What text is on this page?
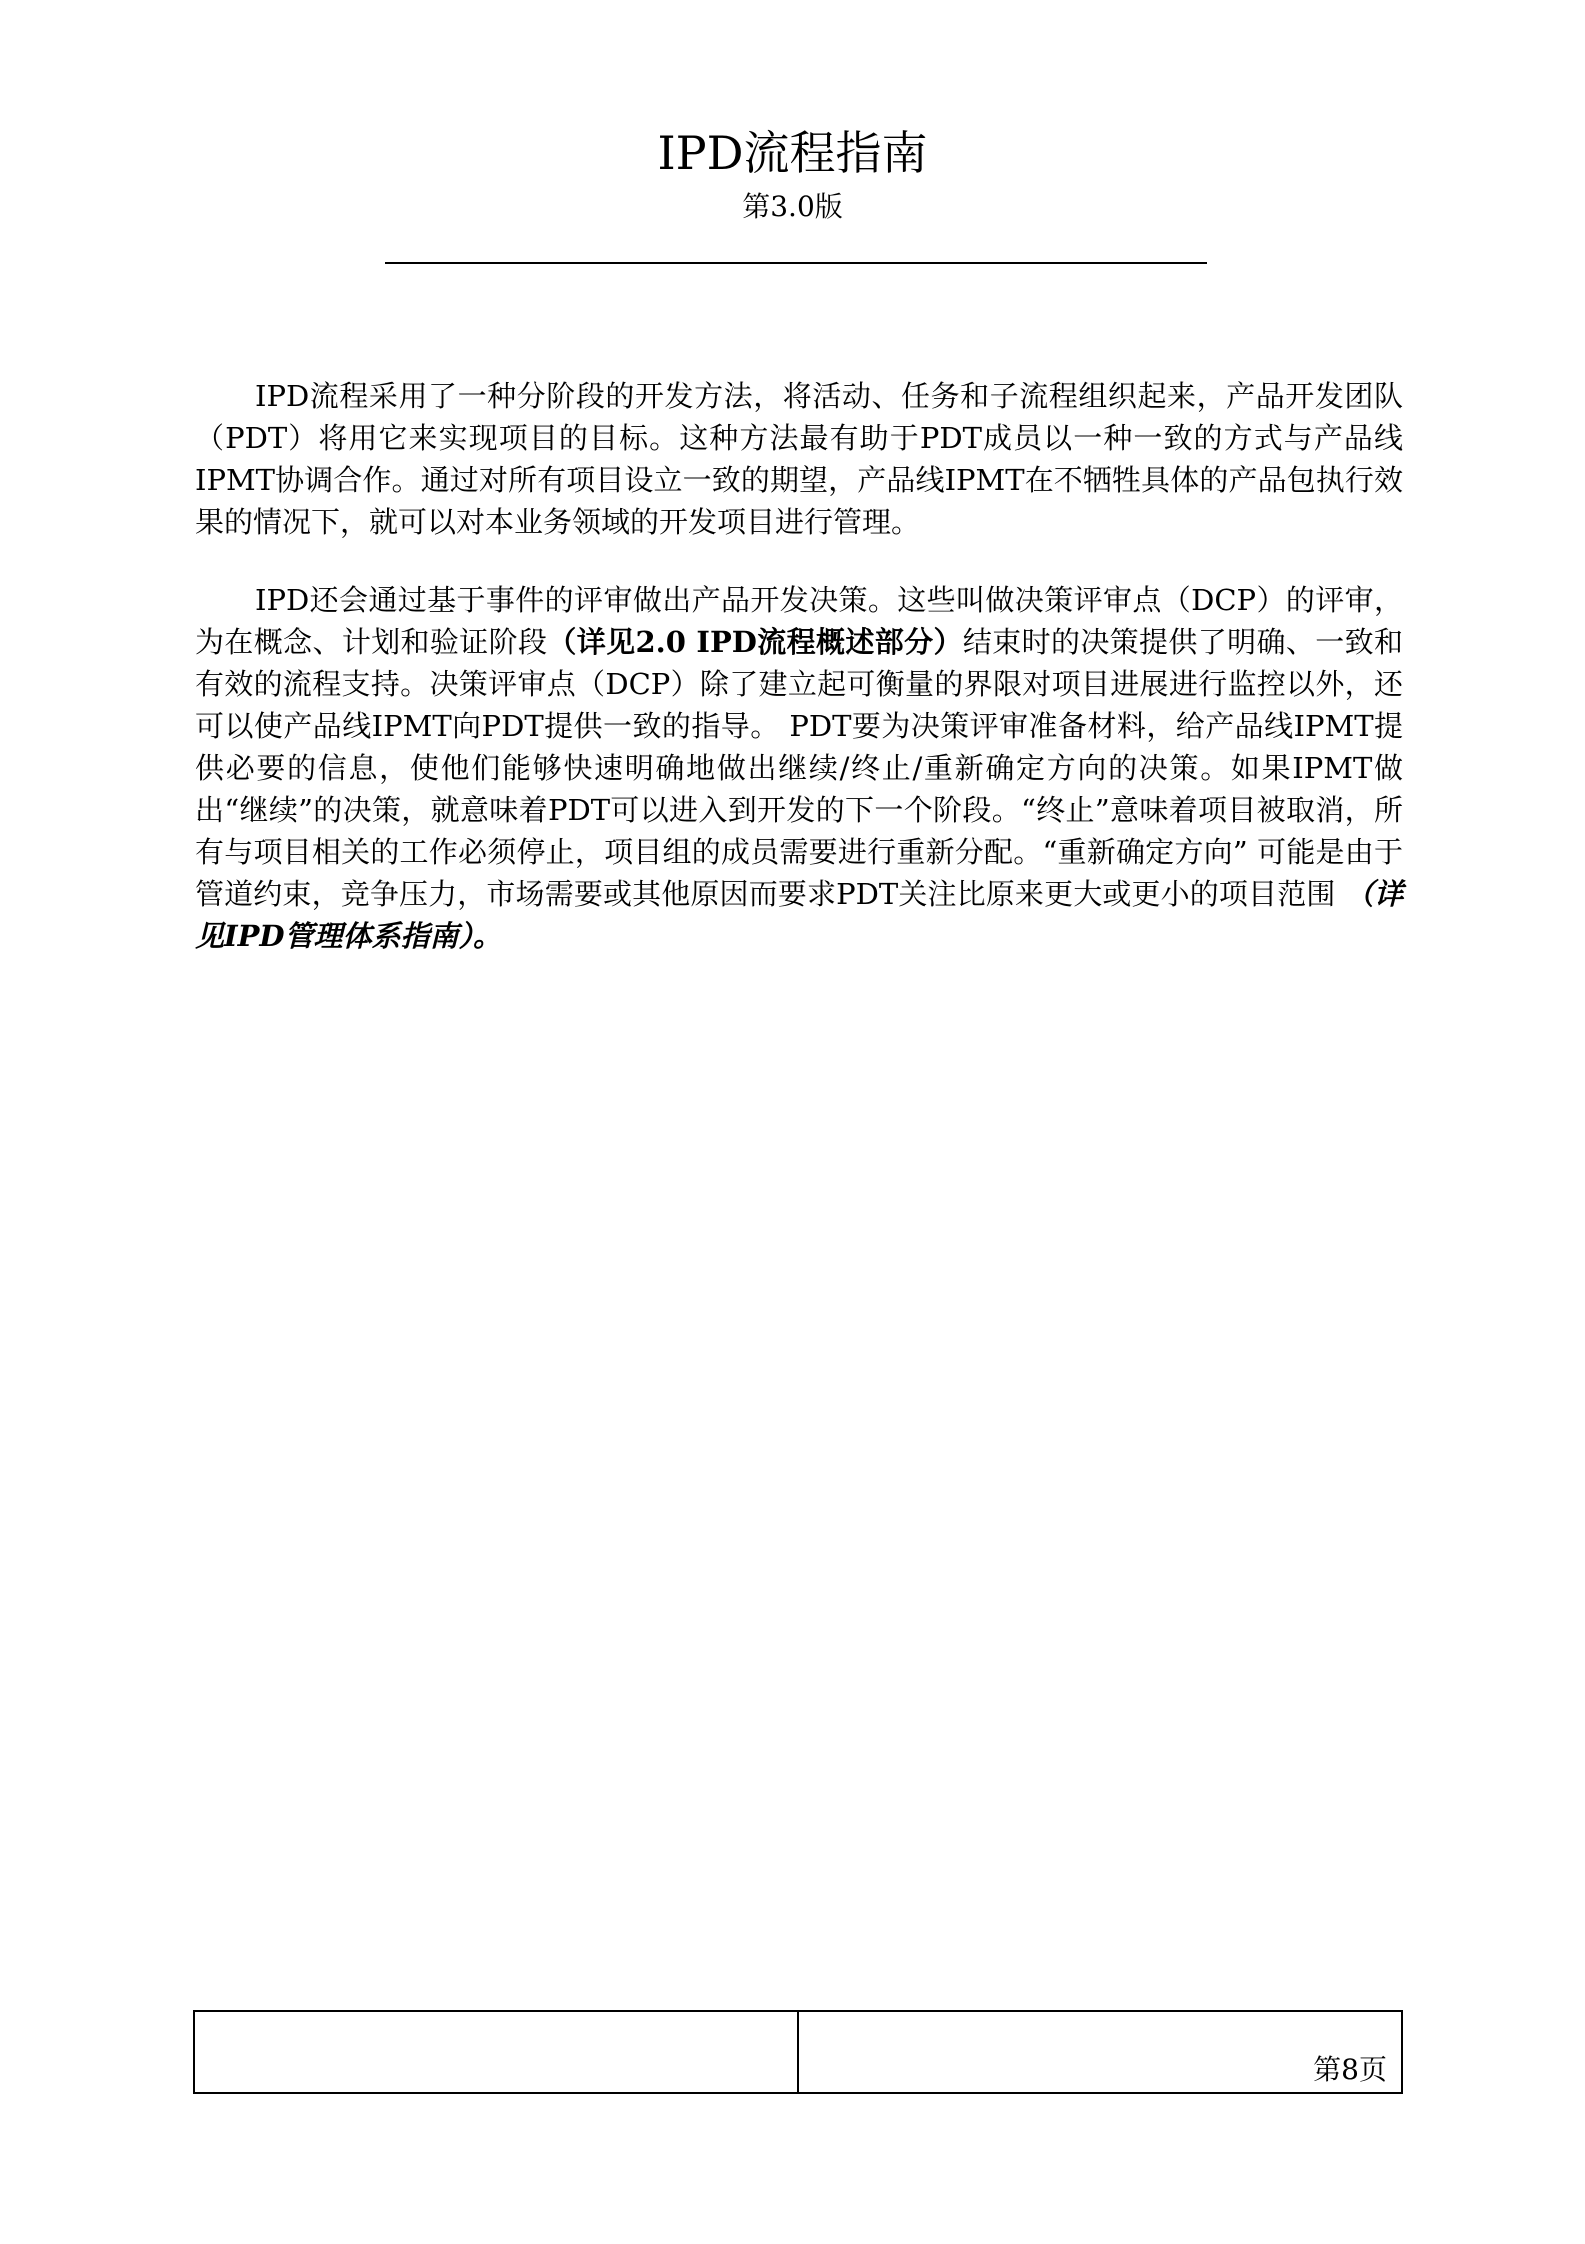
IPD流程指南

第3.0版

IPD流程采用了一种分阶段的开发方法，将活动、任务和子流程组织起来，产品开发团队（PDT）将用它来实现项目的目标。这种方法最有助于PDT成员以一种一致的方式与产品线IPMT协调合作。通过对所有项目设立一致的期望，产品线IPMT在不牺牲具体的产品包执行效果的情况下，就可以对本业务领域的开发项目进行管理。

IPD还会通过基于事件的评审做出产品开发决策。这些叫做决策评审点（DCP）的评审，为在概念、计划和验证阶段（详见2.0 IPD流程概述部分）结束时的决策提供了明确、一致和有效的流程支持。决策评审点（DCP）除了建立起可衡量的界限对项目进展进行监控以外，还可以使产品线IPMT向PDT提供一致的指导。 PDT要为决策评审准备材料，给产品线IPMT提供必要的信息，使他们能够快速明确地做出继续/终止/重新确定方向的决策。如果IPMT做出“继续”的决策，就意味着PDT可以进入到开发的下一个阶段。“终止”意味着项目被取消，所有与项目相关的工作必须停止，项目组的成员需要进行重新分配。“重新确定方向” 可能是由于管道约束，竞争压力，市场需要或其他原因而要求PDT关注比原来更大或更小的项目范围 （详见IPD管理体系指南）。

第8页
